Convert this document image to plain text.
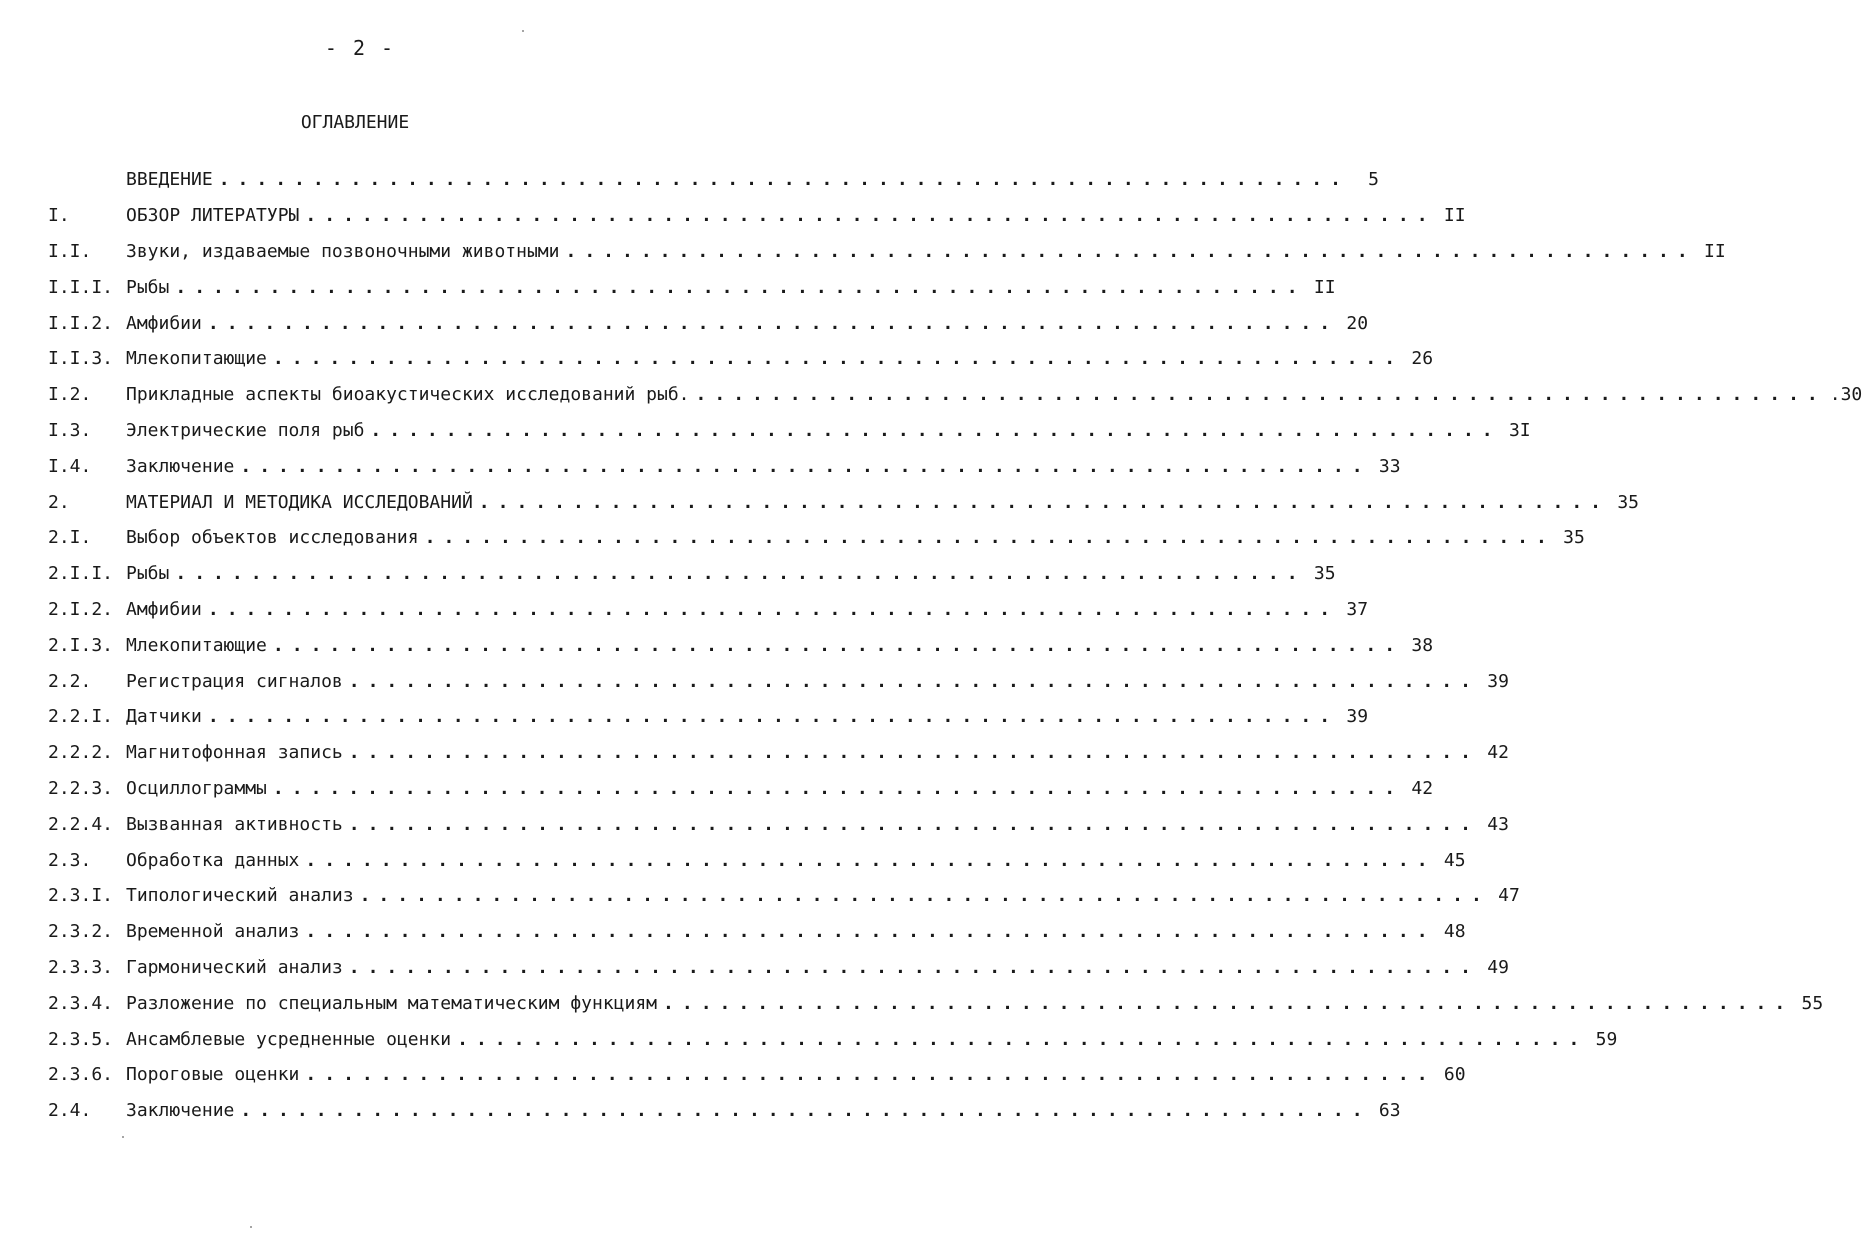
- 2 -
ОГЛАВЛЕНИЕ
ВВЕДЕНИЕ ............................................................	5
I.	ОБЗОР ЛИТЕРАТУРЫ ............................................................ II
I.I.	Звуки, издаваемые позвоночными животными ............................................................ II
I.I.I. Рыбы ............................................................ II
I.I.2. Амфибии ............................................................ 20
I.I.3. Млекопитающие ............................................................ 26
I.2.	Прикладные аспекты биоакустических исследований рыб. ............................................................ .30
I.3.	Электрические поля рыб ............................................................ 3I
I.4.	Заключение ............................................................ 33
2.	МАТЕРИАЛ И МЕТОДИКА ИССЛЕДОВАНИЙ ............................................................ 35
2.I.	Выбор объектов исследования ............................................................ 35
2.I.I. Рыбы ............................................................ 35
2.I.2. Амфибии ............................................................ 37
2.I.3. Млекопитающие ............................................................ 38
2.2.	Регистрация сигналов ............................................................ 39
2.2.I. Датчики ............................................................ 39
2.2.2. Магнитофонная запись ............................................................ 42
2.2.3. Осциллограммы ............................................................ 42
2.2.4. Вызванная активность ............................................................ 43
2.3.	Обработка данных ............................................................ 45
2.3.I. Типологический анализ ............................................................ 47
2.3.2. Временной анализ ............................................................ 48
2.3.3. Гармонический анализ ............................................................ 49
2.3.4. Разложение по специальным математическим функциям ............................................................ 55
2.3.5. Ансамблевые усредненные оценки ............................................................ 59
2.3.6. Пороговые оценки ............................................................ 60
2.4.	Заключение ............................................................ 63
